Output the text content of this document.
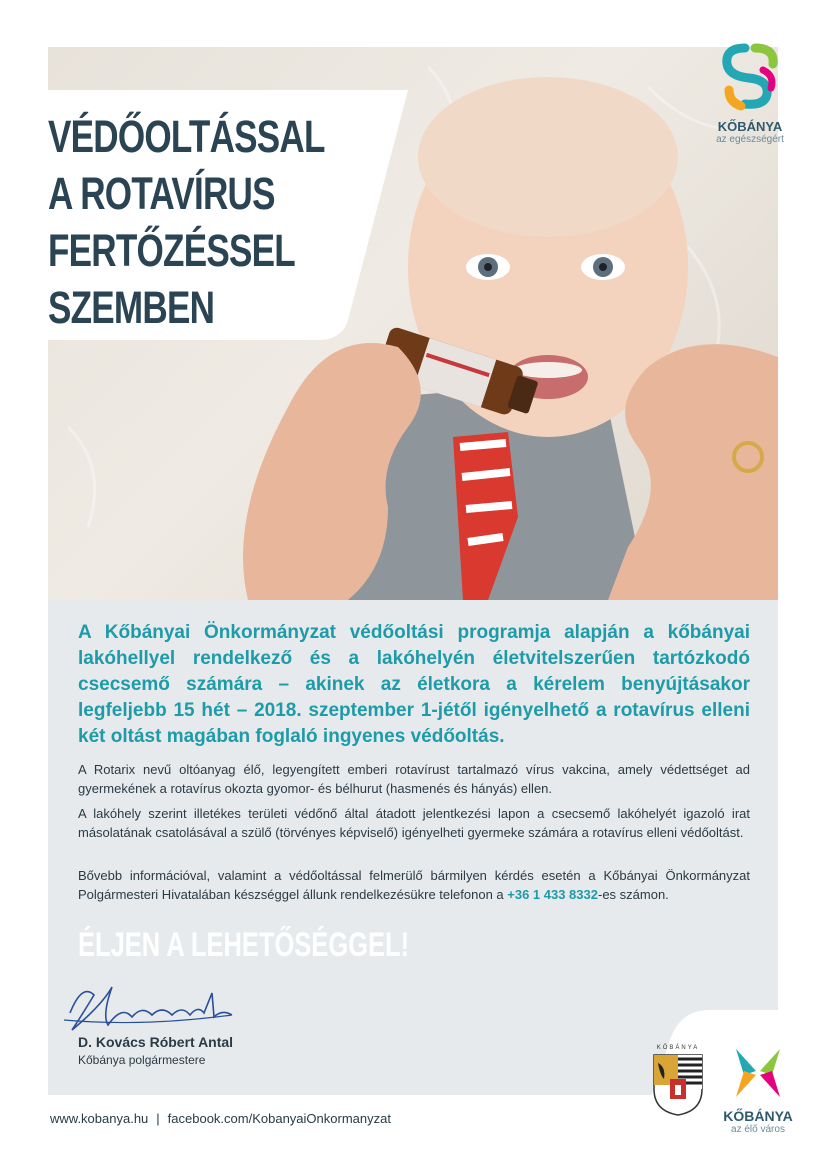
VÉDŐOLTÁSSAL
A ROTAVÍRUS
FERTŐZÉSSEL
SZEMBEN
KŐBÁNYA
az egészségért

A Kőbányai Önkormányzat védőoltási programja alapján a kőbányai lakóhellyel rendelkező és a lakóhelyén életvitelszerűen tartózkodó csecsemő számára – akinek az életkora a kérelem benyújtásakor legfeljebb 15 hét – 2018. szeptember 1-jétől igényelhető a rotavírus elleni két oltást magában foglaló ingyenes védőoltás.

A Rotarix nevű oltóanyag élő, legyengített emberi rotavírust tartalmazó vírus vakcina, amely védettséget ad gyermekének a rotavírus okozta gyomor- és bélhurut (hasmenés és hányás) ellen.

A lakóhely szerint illetékes területi védőnő által átadott jelentkezési lapon a csecsemő lakóhelyét igazoló irat másolatának csatolásával a szülő (törvényes képviselő) igényelheti gyermeke számára a rotavírus elleni védőoltást.

Bővebb információval, valamint a védőoltással felmerülő bármilyen kérdés esetén a Kőbányai Önkormányzat Polgármesteri Hivatalában készséggel állunk rendelkezésükre telefonon a +36 1 433 8332-es számon.

ÉLJEN A LEHETŐSÉGGEL!

D. Kovács Róbert Antal

Kőbánya polgármestere

KŐBÁNYA
KŐBÁNYA
az élő város

www.kobanya.hu | facebook.com/KobanyaiOnkormanyzat
